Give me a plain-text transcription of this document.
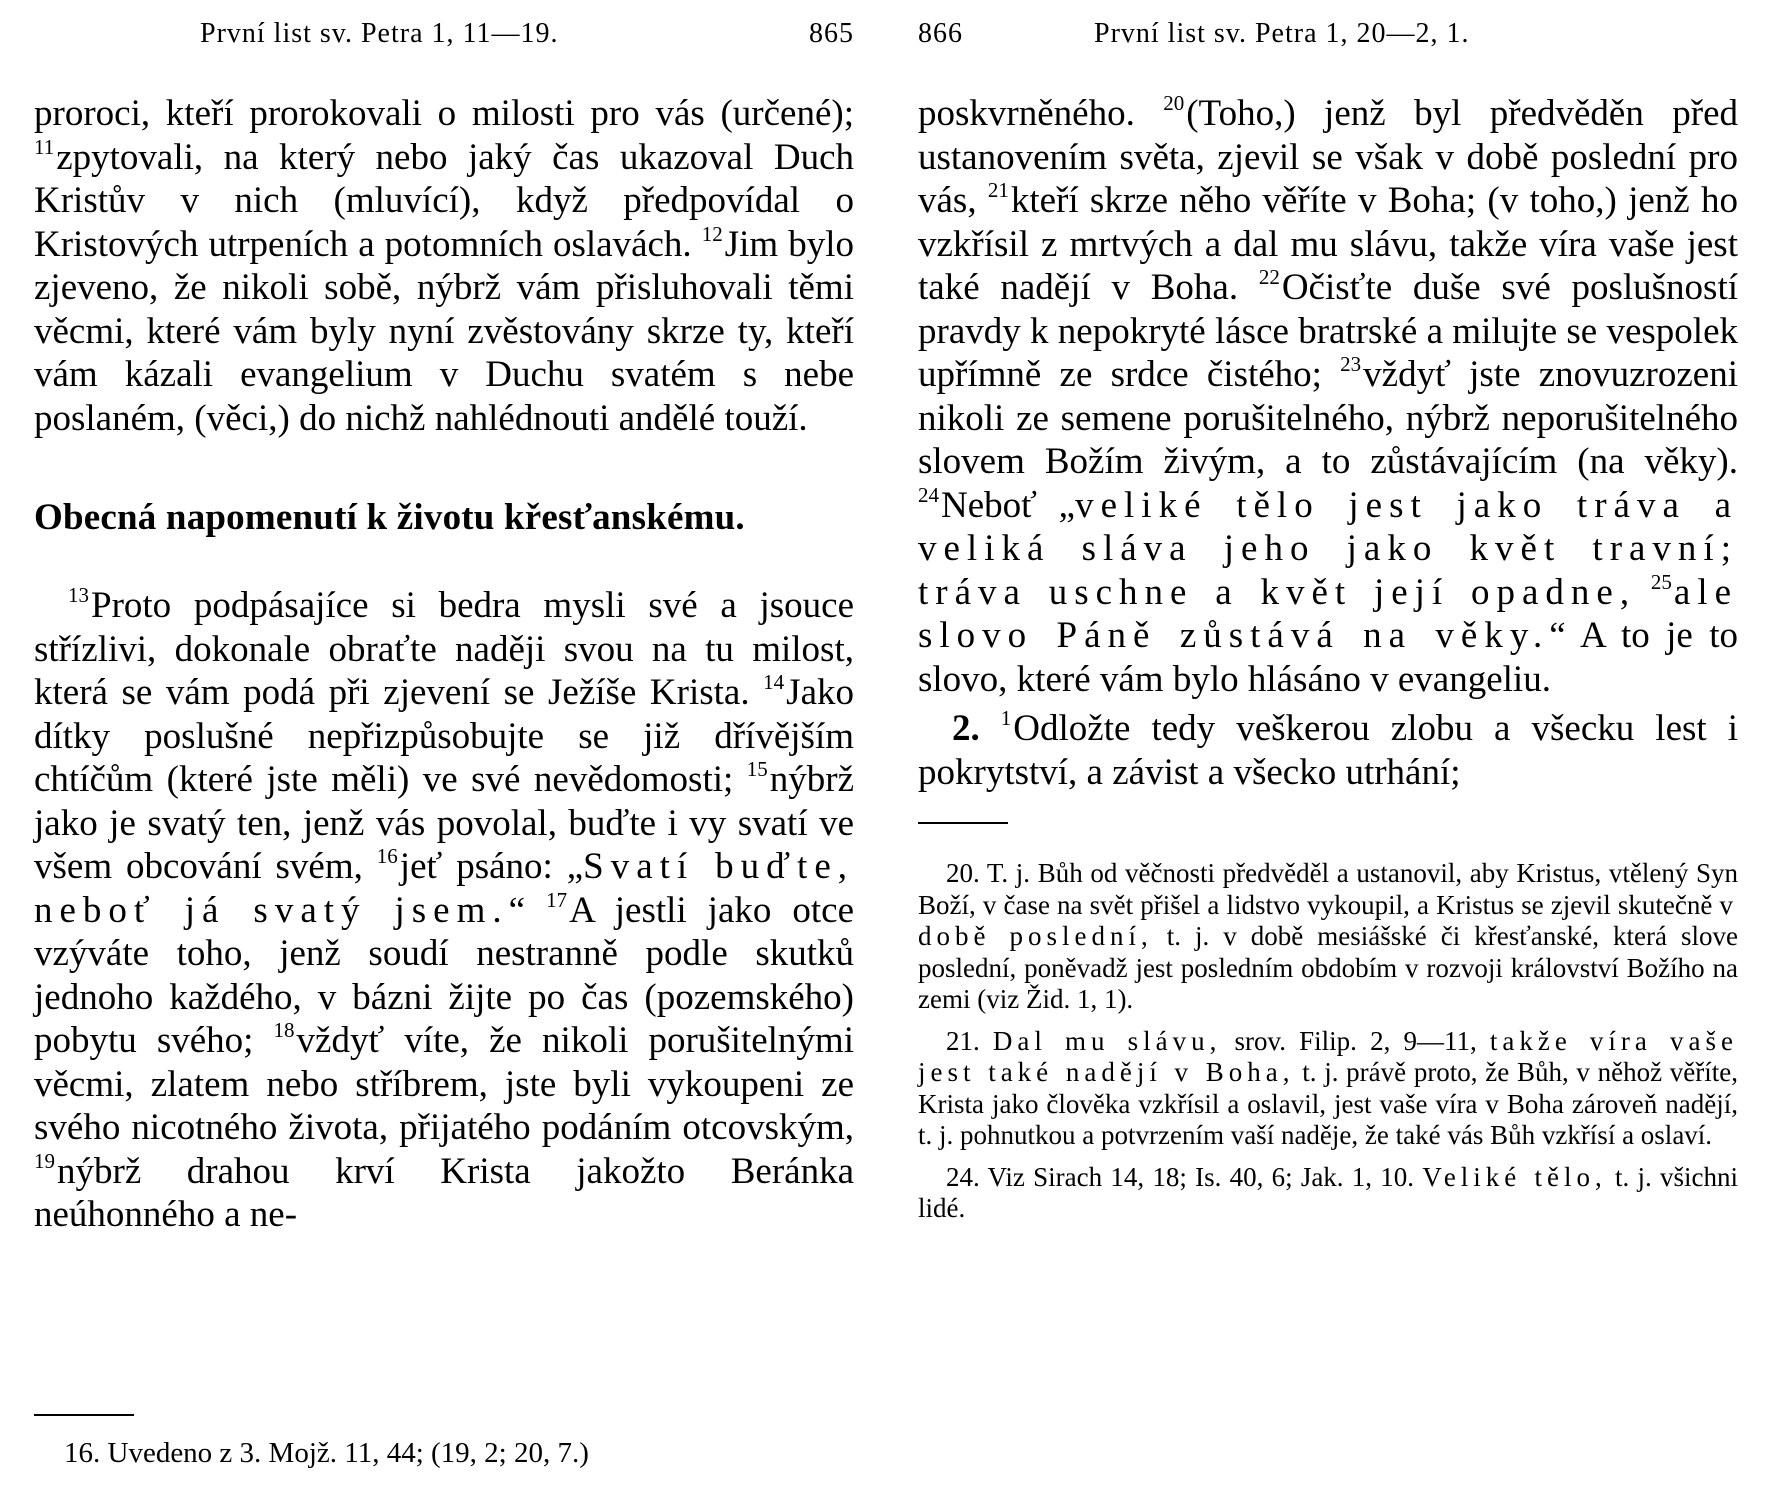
První list sv. Petra 1, 11—19.	865

proroci, kteří prorokovali o milosti pro vás (určené); $^{11}$zpytovali, na který nebo jaký čas ukazoval Duch Kristův v nich (mluvící), když předpovídal o Kristových utrpeních a potomních oslavách. $^{12}$Jim bylo zjeveno, že nikoli sobě, nýbrž vám přisluhovali těmi věcmi, které vám byly nyní zvěstovány skrze ty, kteří vám kázali evangelium v Duchu svatém s nebe poslaném, (věci,) do nichž nahlédnouti andělé touží.

Obecná napomenutí k životu křesťanskému.

$^{13}$Proto podpásajíce si bedra mysli své a jsouce střízlivi, dokonale obraťte naději svou na tu milost, která se vám podá při zjevení se Ježíše Krista. $^{14}$Jako dítky poslušné nepřizpůsobujte se již dřívějším chtíčům (které jste měli) ve své nevědomosti; $^{15}$nýbrž jako je svatý ten, jenž vás povolal, buďte i vy svatí ve všem obcování svém, $^{16}$jeť psáno: „Svatí buďte, neboť já svatý jsem.“ $^{17}$A jestli jako otce vzýváte toho, jenž soudí nestranně podle skutků jednoho každého, v bázni žijte po čas (pozemského) pobytu svého; $^{18}$vždyť víte, že nikoli porušitelnými věcmi, zlatem nebo stříbrem, jste byli vykoupeni ze svého nicotného života, přijatého podáním otcovským, $^{19}$nýbrž drahou krví Krista jakožto Beránka neúhonného a ne-

16. Uvedeno z 3. Mojž. 11, 44; (19, 2; 20, 7.)

866	První list sv. Petra 1, 20—2, 1.

poskvrněného. $^{20}$(Toho,) jenž byl předvěděn před ustanovením světa, zjevil se však v době poslední pro vás, $^{21}$kteří skrze něho věříte v Boha; (v toho,) jenž ho vzkřísil z mrtvých a dal mu slávu, takže víra vaše jest také nadějí v Boha. $^{22}$Očisťte duše své poslušností pravdy k nepokryté lásce bratrské a milujte se vespolek upřímně ze srdce čistého; $^{23}$vždyť jste znovuzrozeni nikoli ze semene porušitelného, nýbrž neporušitelného slovem Božím živým, a to zůstávajícím (na věky). $^{24}$Neboť „veliké tělo jest jako tráva a veliká sláva jeho jako květ travní; tráva uschne a květ její opadne, $^{25}$ale slovo Páně zůstává na věky.“ A to je to slovo, které vám bylo hlásáno v evangeliu.

2. $^1$Odložte tedy veškerou zlobu a všecku lest i pokrytství, a závist a všecko utrhání;

20. T. j. Bůh od věčnosti předvěděl a ustanovil, aby Kristus, vtělený Syn Boží, v čase na svět přišel a lidstvo vykoupil, a Kristus se zjevil skutečně v době poslední, t. j. v době mesiášské či křesťanské, která slove poslední, poněvadž jest posledním obdobím v rozvoji království Božího na zemi (viz Žid. 1, 1).

21. Dal mu slávu, srov. Filip. 2, 9—11, takže víra vaše jest také nadějí v Boha, t. j. právě proto, že Bůh, v něhož věříte, Krista jako člověka vzkřísil a oslavil, jest vaše víra v Boha zároveň nadějí, t. j. pohnutkou a potvrzením vaší naděje, že také vás Bůh vzkřísí a oslaví.

24. Viz Sirach 14, 18; Is. 40, 6; Jak. 1, 10. Veliké tělo, t. j. všichni lidé.
